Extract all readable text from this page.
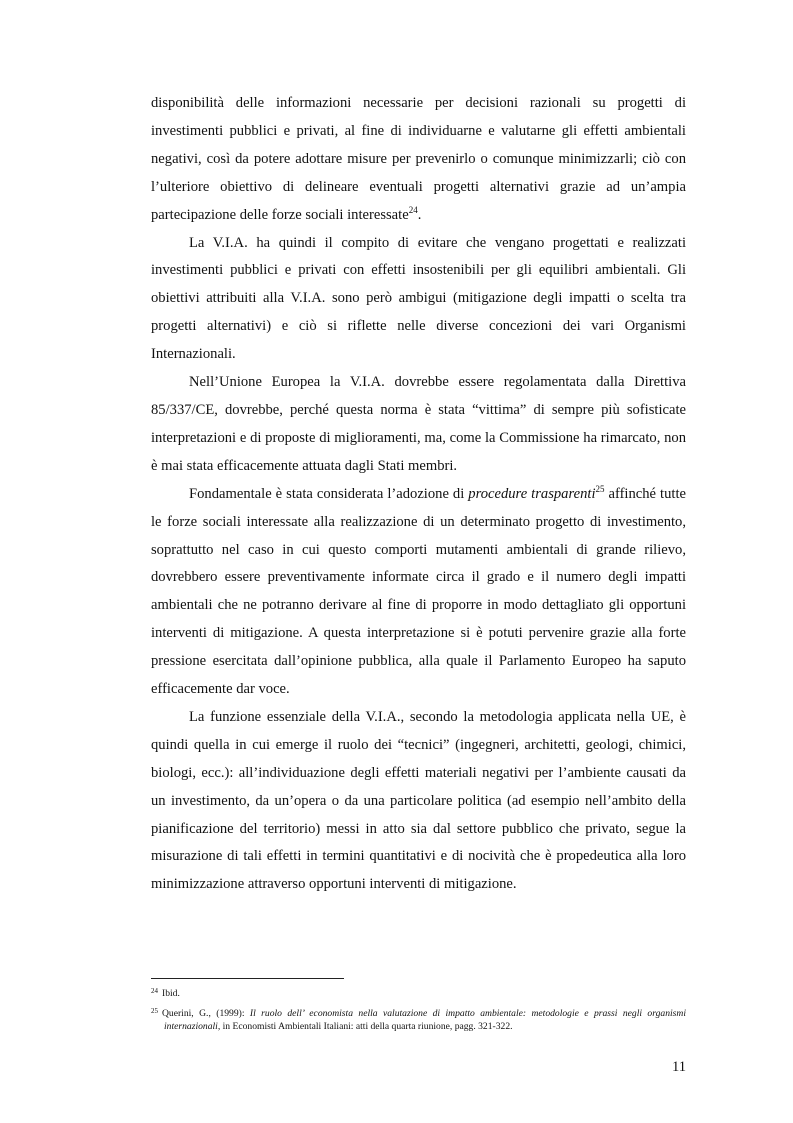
disponibilità delle informazioni necessarie per decisioni razionali su progetti di investimenti pubblici e privati, al fine di individuarne e valutarne gli effetti ambientali negativi, così da potere adottare misure per prevenirlo o comunque minimizzarli; ciò con l’ulteriore obiettivo di delineare eventuali progetti alternativi grazie ad un’ampia partecipazione delle forze sociali interessate$^{24}$.

La V.I.A. ha quindi il compito di evitare che vengano progettati e realizzati investimenti pubblici e privati con effetti insostenibili per gli equilibri ambientali. Gli obiettivi attribuiti alla V.I.A. sono però ambigui (mitigazione degli impatti o scelta tra progetti alternativi) e ciò si riflette nelle diverse concezioni dei vari Organismi Internazionali.

Nell’Unione Europea la V.I.A. dovrebbe essere regolamentata dalla Direttiva 85/337/CE, dovrebbe, perché questa norma è stata “vittima” di sempre più sofisticate interpretazioni e di proposte di miglioramenti, ma, come la Commissione ha rimarcato, non è mai stata efficacemente attuata dagli Stati membri.

Fondamentale è stata considerata l’adozione di procedure trasparenti$^{25}$ affinché tutte le forze sociali interessate alla realizzazione di un determinato progetto di investimento, soprattutto nel caso in cui questo comporti mutamenti ambientali di grande rilievo, dovrebbero essere preventivamente informate circa il grado e il numero degli impatti ambientali che ne potranno derivare al fine di proporre in modo dettagliato gli opportuni interventi di mitigazione. A questa interpretazione si è potuti pervenire grazie alla forte pressione esercitata dall’opinione pubblica, alla quale il Parlamento Europeo ha saputo efficacemente dar voce.

La funzione essenziale della V.I.A., secondo la metodologia applicata nella UE, è quindi quella in cui emerge il ruolo dei “tecnici” (ingegneri, architetti, geologi, chimici, biologi, ecc.): all’individuazione degli effetti materiali negativi per l’ambiente causati da un investimento, da un’opera o da una particolare politica (ad esempio nell’ambito della pianificazione del territorio) messi in atto sia dal settore pubblico che privato, segue la misurazione di tali effetti in termini quantitativi e di nocività che è propedeutica alla loro minimizzazione attraverso opportuni interventi di mitigazione.

$^{24}$ Ibid.

$^{25}$ Querini, G., (1999): Il ruolo dell’ economista nella valutazione di impatto ambientale: metodologie e prassi negli organismi internazionali, in Economisti Ambientali Italiani: atti della quarta riunione, pagg. 321-322.

11
